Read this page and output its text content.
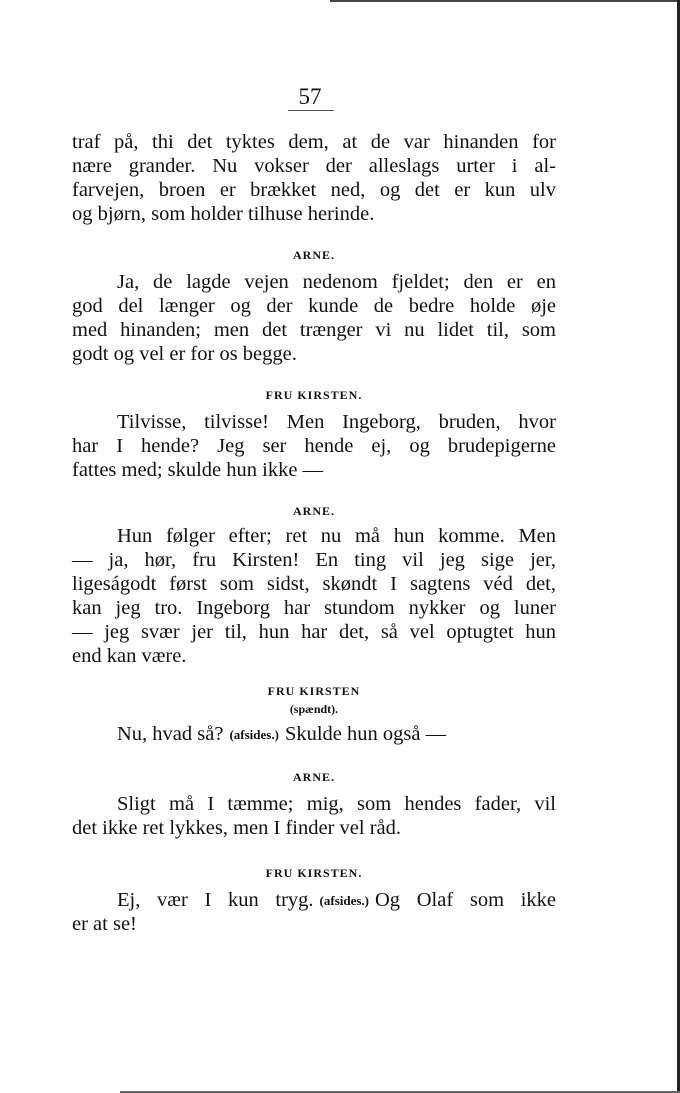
57
traf på, thi det tyktes dem, at de var hinanden for
nære grander. Nu vokser der alleslags urter i al-
farvejen, broen er brækket ned, og det er kun ulv
og bjørn, som holder tilhuse herinde.
ARNE.
Ja, de lagde vejen nedenom fjeldet; den er en
god del længer og der kunde de bedre holde øje
med hinanden; men det trænger vi nu lidet til, som
godt og vel er for os begge.
FRU KIRSTEN.
Tilvisse, tilvisse! Men Ingeborg, bruden, hvor
har I hende? Jeg ser hende ej, og brudepigerne
fattes med; skulde hun ikke —
ARNE.
Hun følger efter; ret nu må hun komme. Men
— ja, hør, fru Kirsten! En ting vil jeg sige jer,
ligeságodt først som sidst, skøndt I sagtens véd det,
kan jeg tro. Ingeborg har stundom nykker og luner
— jeg svær jer til, hun har det, så vel optugtet hun
end kan være.
FRU KIRSTEN
(spændt).
Nu, hvad så? (afsides.) Skulde hun også —
ARNE.
Sligt må I tæmme; mig, som hendes fader, vil
det ikke ret lykkes, men I finder vel råd.
FRU KIRSTEN.
Ej, vær I kun tryg. (afsides.) Og Olaf som ikke
er at se!
